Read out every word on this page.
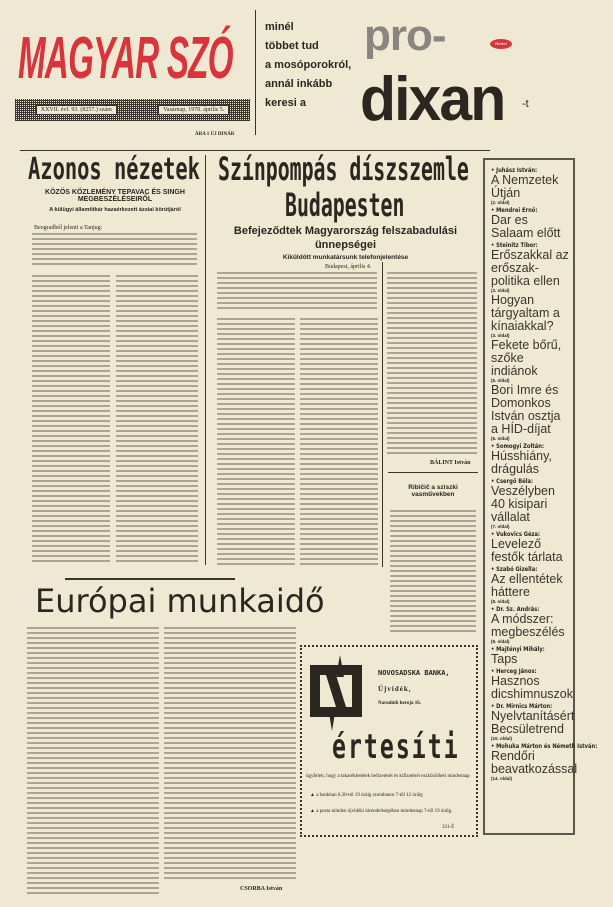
MAGYAR SZÓ
XXVII. évf. 93. (8257.) szám	Vasárnap, 1970. április 5.
ÁRA 1 ÚJ DINÁR
minél
többet tud
a mosóporokról,
annál inkább
keresi a
pro-
dixan -t
Henkel
Azonos nézetek
KÖZÖS KÖZLEMÉNY TEPAVAC ÉS SINGH MEGBESZÉLÉSEIRŐL
A külügyi államtitkár hazaérkezett ázsiai körútjáról
Beogradból jelenti a Tanjug:
Színpompás díszszemle
Budapesten
Befejeződtek Magyarország felszabadulási
ünnepségei
Kiküldött munkatársunk telefonjelentése
Budapest, április 4.
BÁLINT István
Ribičič a sziszki vasművekben
Európai munkaidő
CSORBA István
NOVOSADSKA BANKA,
Újvidék,
Narodnih heroja 16.
értesíti
ügyfeleit, hogy a takarékbetétek befizetését és kifizetését eszközölheti mindennap
▲ a bankban 6,30-tól 19 óráig szombaton 7-től 12 óráig
▲ a posta minden újvidéki kirendeltségében mindennap 7-től 19 óráig.
331-Ž
• Juhász István:
A Nemzetek Útján
(2. oldal)
• Mendrei Ernő:
Dar es Salaam előtt
• Steinitz Tibor:
Erőszakkal az erőszak-politika ellen
(3. oldal)
Hogyan tárgyaltam a kínaiakkal?
(3. oldal)
Fekete bőrű, szőke indiánok
(5. oldal)
Bori Imre és Domonkos István osztja a HÍD-díjat
(6. oldal)
• Somogyi Zoltán:
Hússhiány, drágulás
• Csergő Béla:
Veszélyben 40 kisipari vállalat
(7. oldal)
• Vukovics Géza:
Levelező festők tárlata
• Szabó Gizella:
Az ellentétek háttere
(8. oldal)
• Dr. Sz. András:
A módszer: megbeszélés
(9. oldal)
• Majtényi Mihály:
Taps
• Herceg János:
Hasznos dicshimnuszok
• Dr. Mirnics Márton:
Nyelvtanításért Becsületrend
(10. oldal)
• Mohuka Márton és Németh István:
Rendőri beavatkozással
(14. oldal)
